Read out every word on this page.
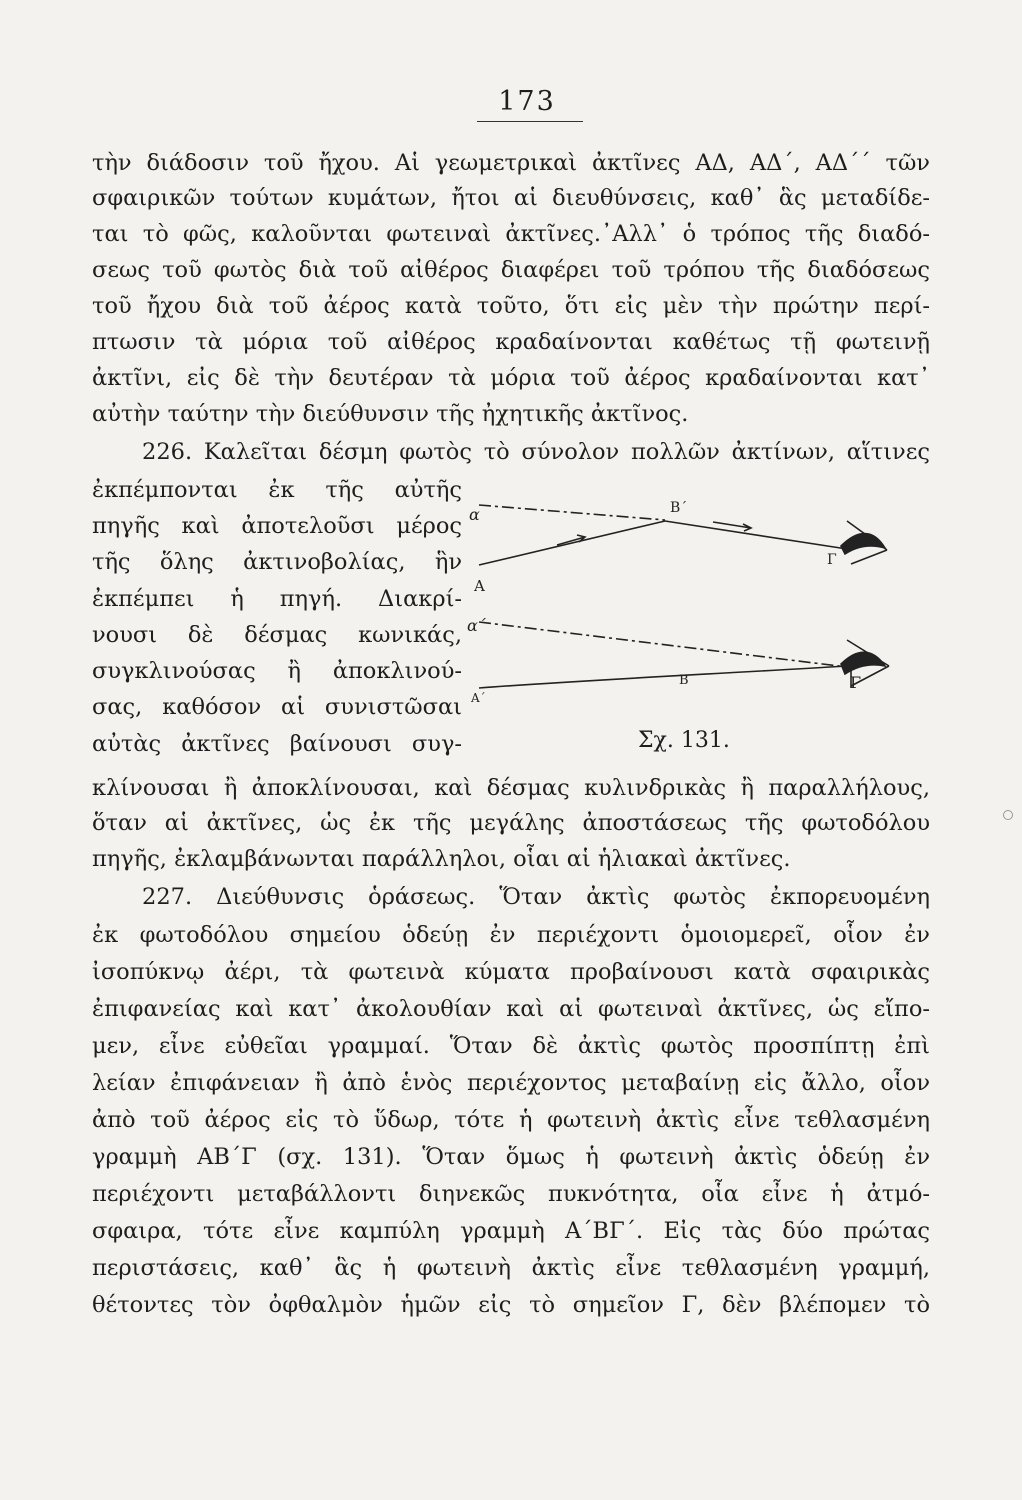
173
τὴν διάδοσιν τοῦ ἤχου. Αἱ γεωμετρικαὶ ἀκτῖνες ΑΔ, ΑΔ΄, ΑΔ΄΄ τῶν
σφαιρικῶν τούτων κυμάτων, ἤτοι αἱ διευθύνσεις, καθ᾽ ἃς μεταδίδε-
ται τὸ φῶς, καλοῦνται φωτειναὶ ἀκτῖνες.᾽Αλλ᾽ ὁ τρόπος τῆς διαδό-
σεως τοῦ φωτὸς διὰ τοῦ αἰθέρος διαφέρει τοῦ τρόπου τῆς διαδόσεως
τοῦ ἤχου διὰ τοῦ ἀέρος κατὰ τοῦτο, ὅτι εἰς μὲν τὴν πρώτην περί-
πτωσιν τὰ μόρια τοῦ αἰθέρος κραδαίνονται καθέτως τῇ φωτεινῇ
ἀκτῖνι, εἰς δὲ τὴν δευτέραν τὰ μόρια τοῦ ἀέρος κραδαίνονται κατ᾽
αὐτὴν ταύτην τὴν διεύθυνσιν τῆς ἠχητικῆς ἀκτῖνος.
226. Καλεῖται δέσμη φωτὸς τὸ σύνολον πολλῶν ἀκτίνων, αἵτινες
ἐκπέμπονται ἐκ τῆς αὐτῆς
πηγῆς καὶ ἀποτελοῦσι μέρος
τῆς ὅλης ἀκτινοβολίας, ἣν
ἐκπέμπει ἡ πηγή. Διακρί-
νουσι δὲ δέσμας κωνικάς,
συγκλινούσας ἢ ἀποκλινού-
σας, καθόσον αἱ συνιστῶσαι
αὐτὰς ἀκτῖνες βαίνουσι συγ-
α	Β΄
Γ
Α
α΄
Β	Γ
Α΄
Σχ. 131.
κλίνουσαι ἢ ἀποκλίνουσαι, καὶ δέσμας κυλινδρικὰς ἢ παραλλήλους,
ὅταν αἱ ἀκτῖνες, ὡς ἐκ τῆς μεγάλης ἀποστάσεως τῆς φωτοδόλου
πηγῆς, ἐκλαμβάνωνται παράλληλοι, οἷαι αἱ ἡλιακαὶ ἀκτῖνες.
227. Διεύθυνσις ὁράσεως. Ὅταν ἀκτὶς φωτὸς ἐκπορευομένη
ἐκ φωτοδόλου σημείου ὁδεύῃ ἐν περιέχοντι ὁμοιομερεῖ, οἷον ἐν
ἰσοπύκνῳ ἀέρι, τὰ φωτεινὰ κύματα προβαίνουσι κατὰ σφαιρικὰς
ἐπιφανείας καὶ κατ᾽ ἀκολουθίαν καὶ αἱ φωτειναὶ ἀκτῖνες, ὡς εἴπο-
μεν, εἶνε εὐθεῖαι γραμμαί. Ὅταν δὲ ἀκτὶς φωτὸς προσπίπτῃ ἐπὶ
λείαν ἐπιφάνειαν ἢ ἀπὸ ἑνὸς περιέχοντος μεταβαίνῃ εἰς ἄλλο, οἷον
ἀπὸ τοῦ ἀέρος εἰς τὸ ὕδωρ, τότε ἡ φωτεινὴ ἀκτὶς εἶνε τεθλασμένη
γραμμὴ ΑΒ΄Γ (σχ. 131). Ὅταν ὅμως ἡ φωτεινὴ ἀκτὶς ὁδεύῃ ἐν
περιέχοντι μεταβάλλοντι διηνεκῶς πυκνότητα, οἷα εἶνε ἡ ἀτμό-
σφαιρα, τότε εἶνε καμπύλη γραμμὴ Α΄ΒΓ΄. Εἰς τὰς δύο πρώτας
περιστάσεις, καθ᾽ ἃς ἡ φωτεινὴ ἀκτὶς εἶνε τεθλασμένη γραμμή,
θέτοντες τὸν ὀφθαλμὸν ἡμῶν εἰς τὸ σημεῖον Γ, δὲν βλέπομεν τὸ
